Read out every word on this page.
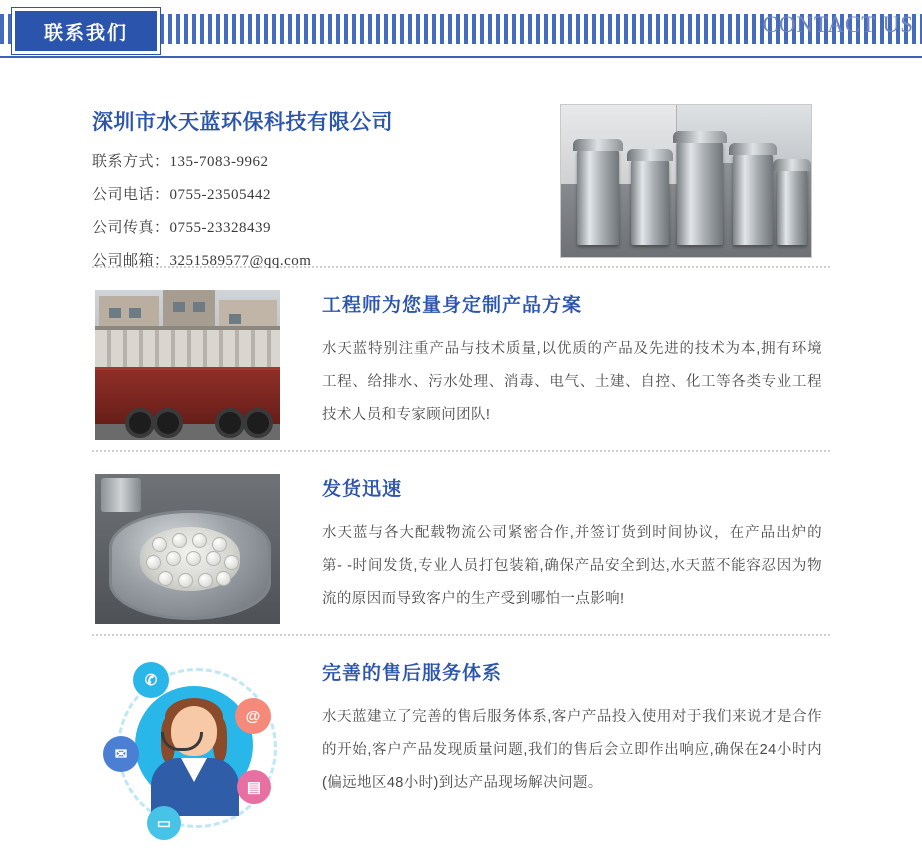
联系我们	CONTACT US
深圳市水天蓝环保科技有限公司
联系方式：135-7083-9962
公司电话：0755-23505442
公司传真：0755-23328439
公司邮箱：3251589577@qq.com
工程师为您量身定制产品方案
水天蓝特别注重产品与技术质量,以优质的产品及先进的技术为本,拥有环境工程、给排水、污水处理、消毒、电气、土建、自控、化工等各类专业工程技术人员和专家顾问团队!
发货迅速
水天蓝与各大配载物流公司紧密合作,并签订货到时间协议，在产品出炉的第- -时间发货,专业人员打包装箱,确保产品安全到达,水天蓝不能容忍因为物流的原因而导致客户的生产受到哪怕一点影响!
✆
@
✉
▤
▭
完善的售后服务体系
水天蓝建立了完善的售后服务体系,客户产品投入使用对于我们来说才是合作的开始,客户产品发现质量问题,我们的售后会立即作出响应,确保在24小时内(偏远地区48小时)到达产品现场解决问题。
